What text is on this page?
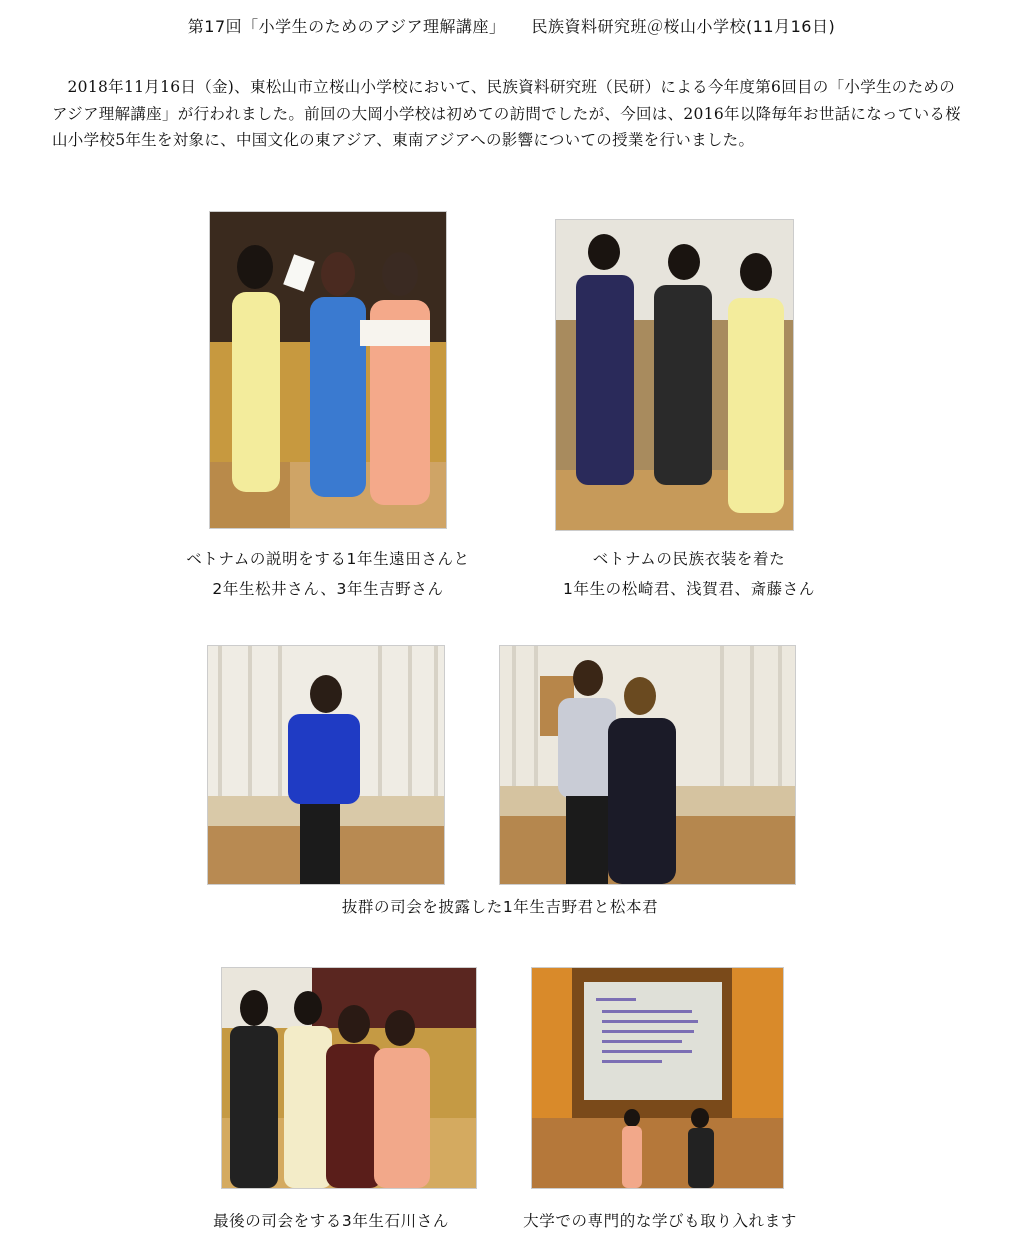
第17回「小学生のためのアジア理解講座」 民族資料研究班＠桜山小学校(11月16日)
2018年11月16日（金)、東松山市立桜山小学校において、民族資料研究班（民研）による今年度第6回目の「小学生のためのアジア理解講座」が行われました。前回の大岡小学校は初めての訪問でしたが、今回は、2016年以降毎年お世話になっている桜山小学校5年生を対象に、中国文化の東アジア、東南アジアへの影響についての授業を行いました。
ベトナムの説明をする1年生遠田さんと
2年生松井さん、3年生吉野さん
ベトナムの民族衣装を着た
1年生の松崎君、浅賀君、斎藤さん
抜群の司会を披露した1年生吉野君と松本君
最後の司会をする3年生石川さん	大学での専門的な学びも取り入れます
